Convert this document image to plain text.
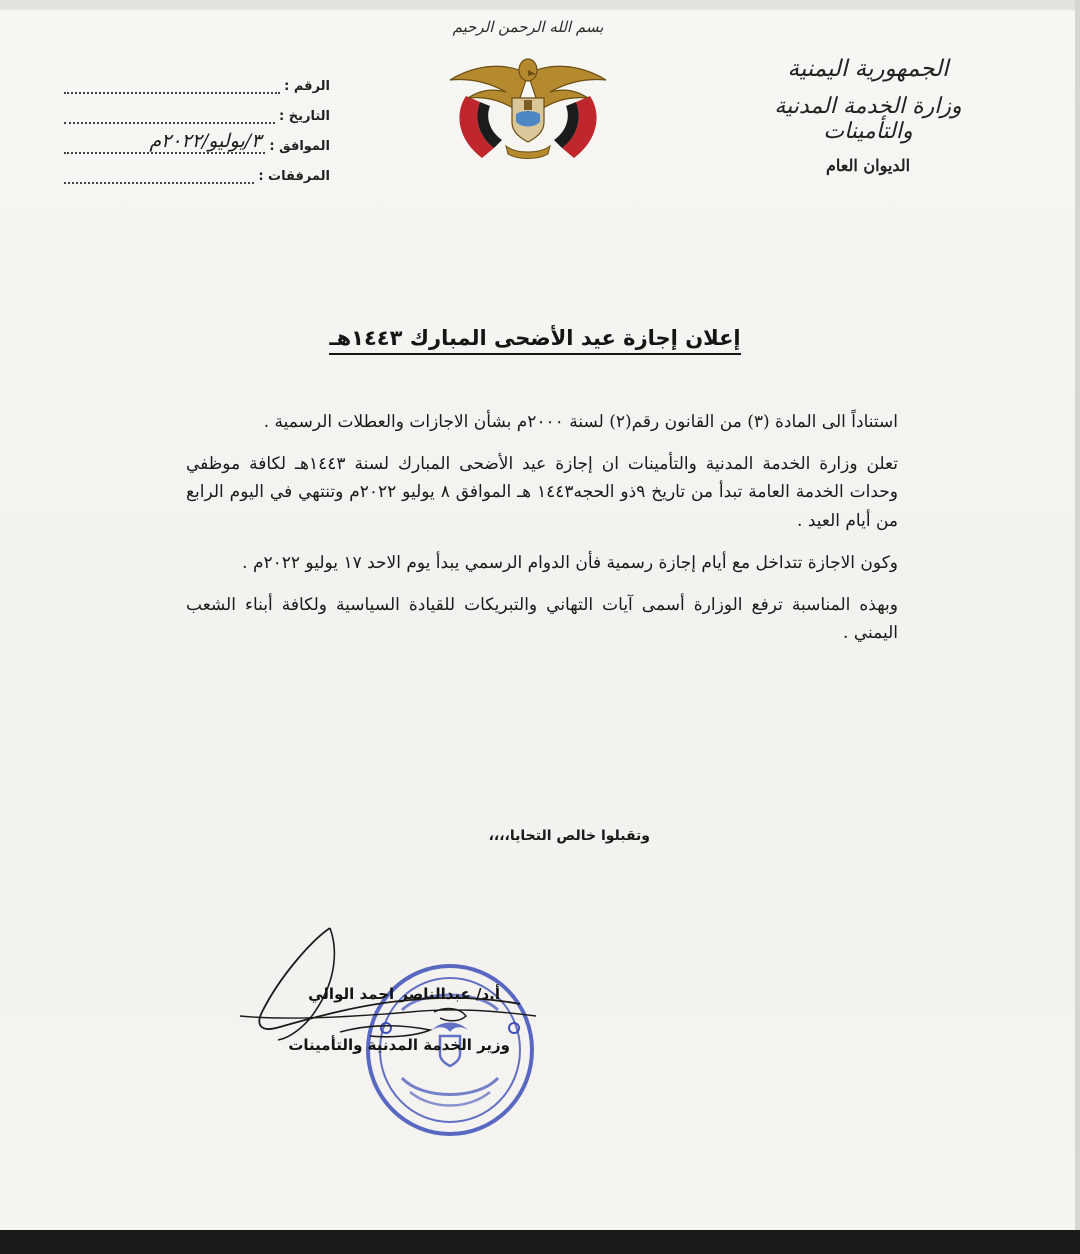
الجمهورية اليمنية
وزارة الخدمة المدنية والتأمينات
الديوان العام
بسم الله الرحمن الرحيم
الرقم :
التاريخ :
الموافق :
٣/يوليو/٢٠٢٢م
المرفقات :
إعلان إجازة عيد الأضحى المبارك ١٤٤٣هـ

استناداً الى المادة (٣) من القانون رقم(٢) لسنة ٢٠٠٠م بشأن الاجازات والعطلات الرسمية .

تعلن وزارة الخدمة المدنية والتأمينات ان إجازة عيد الأضحى المبارك لسنة ١٤٤٣هـ لكافة موظفي وحدات الخدمة العامة تبدأ من تاريخ ٩ذو الحجه١٤٤٣ هـ الموافق ٨ يوليو ٢٠٢٢م وتنتهي في اليوم الرابع من أيام العيد .

وكون الاجازة تتداخل مع أيام إجازة رسمية فأن الدوام الرسمي يبدأ يوم الاحد ١٧ يوليو ٢٠٢٢م .

وبهذه المناسبة ترفع الوزارة أسمى آيات التهاني والتبريكات للقيادة السياسية ولكافة أبناء الشعب اليمني .

وتقبلوا خالص التحايا،،،،
أ.د/ عبدالناصر احمد الوالي
وزير الخدمة المدنية والتأمينات
